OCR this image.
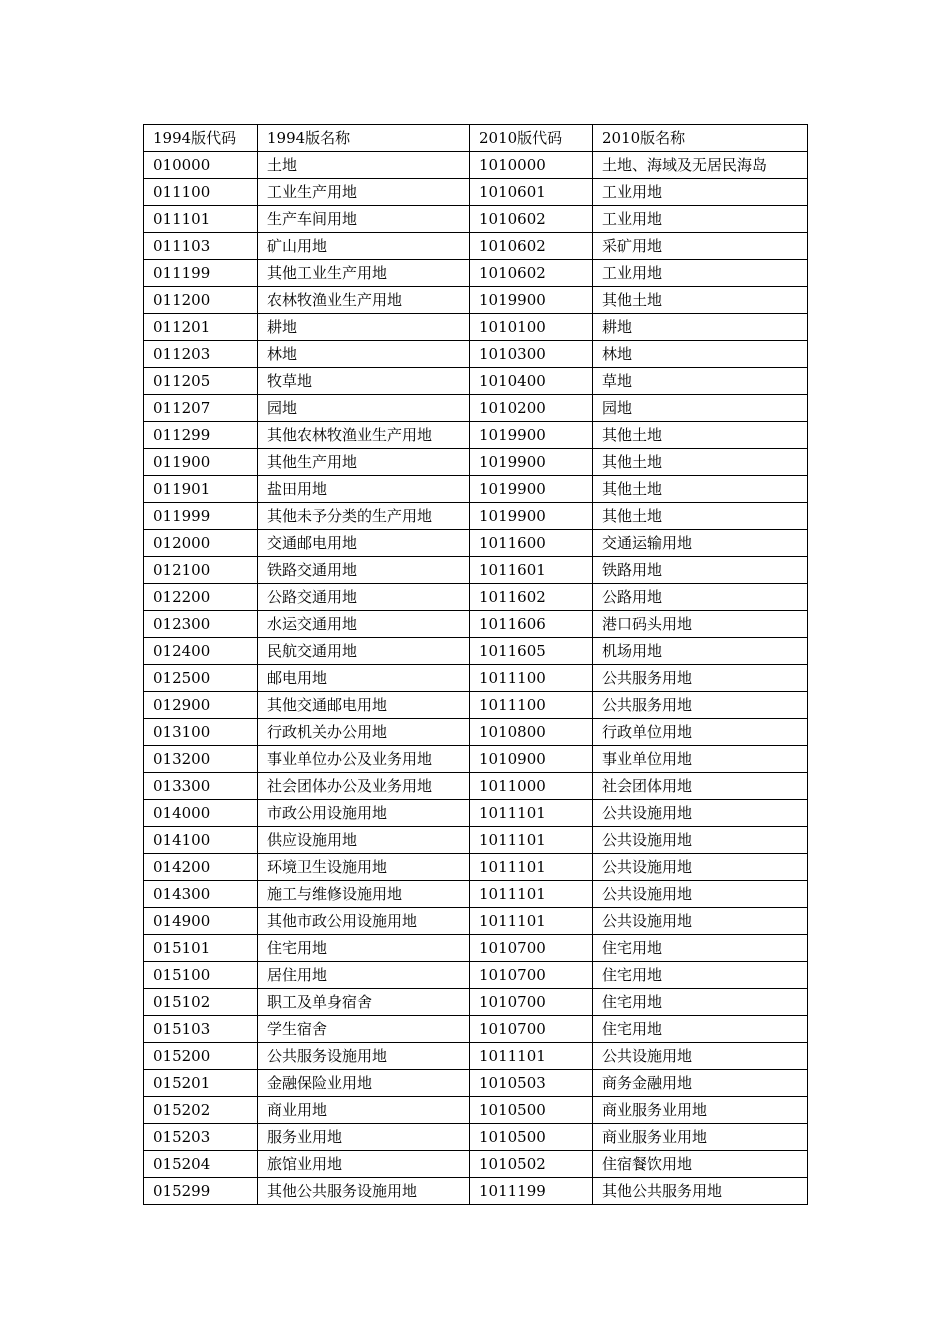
1994版代码	1994版名称	2010版代码	2010版名称
010000	土地	1010000	土地、海域及无居民海岛
011100	工业生产用地	1010601	工业用地
011101	生产车间用地	1010602	工业用地
011103	矿山用地	1010602	采矿用地
011199	其他工业生产用地	1010602	工业用地
011200	农林牧渔业生产用地	1019900	其他土地
011201	耕地	1010100	耕地
011203	林地	1010300	林地
011205	牧草地	1010400	草地
011207	园地	1010200	园地
011299	其他农林牧渔业生产用地	1019900	其他土地
011900	其他生产用地	1019900	其他土地
011901	盐田用地	1019900	其他土地
011999	其他未予分类的生产用地	1019900	其他土地
012000	交通邮电用地	1011600	交通运输用地
012100	铁路交通用地	1011601	铁路用地
012200	公路交通用地	1011602	公路用地
012300	水运交通用地	1011606	港口码头用地
012400	民航交通用地	1011605	机场用地
012500	邮电用地	1011100	公共服务用地
012900	其他交通邮电用地	1011100	公共服务用地
013100	行政机关办公用地	1010800	行政单位用地
013200	事业单位办公及业务用地	1010900	事业单位用地
013300	社会团体办公及业务用地	1011000	社会团体用地
014000	市政公用设施用地	1011101	公共设施用地
014100	供应设施用地	1011101	公共设施用地
014200	环境卫生设施用地	1011101	公共设施用地
014300	施工与维修设施用地	1011101	公共设施用地
014900	其他市政公用设施用地	1011101	公共设施用地
015101	住宅用地	1010700	住宅用地
015100	居住用地	1010700	住宅用地
015102	职工及单身宿舍	1010700	住宅用地
015103	学生宿舍	1010700	住宅用地
015200	公共服务设施用地	1011101	公共设施用地
015201	金融保险业用地	1010503	商务金融用地
015202	商业用地	1010500	商业服务业用地
015203	服务业用地	1010500	商业服务业用地
015204	旅馆业用地	1010502	住宿餐饮用地
015299	其他公共服务设施用地	1011199	其他公共服务用地
